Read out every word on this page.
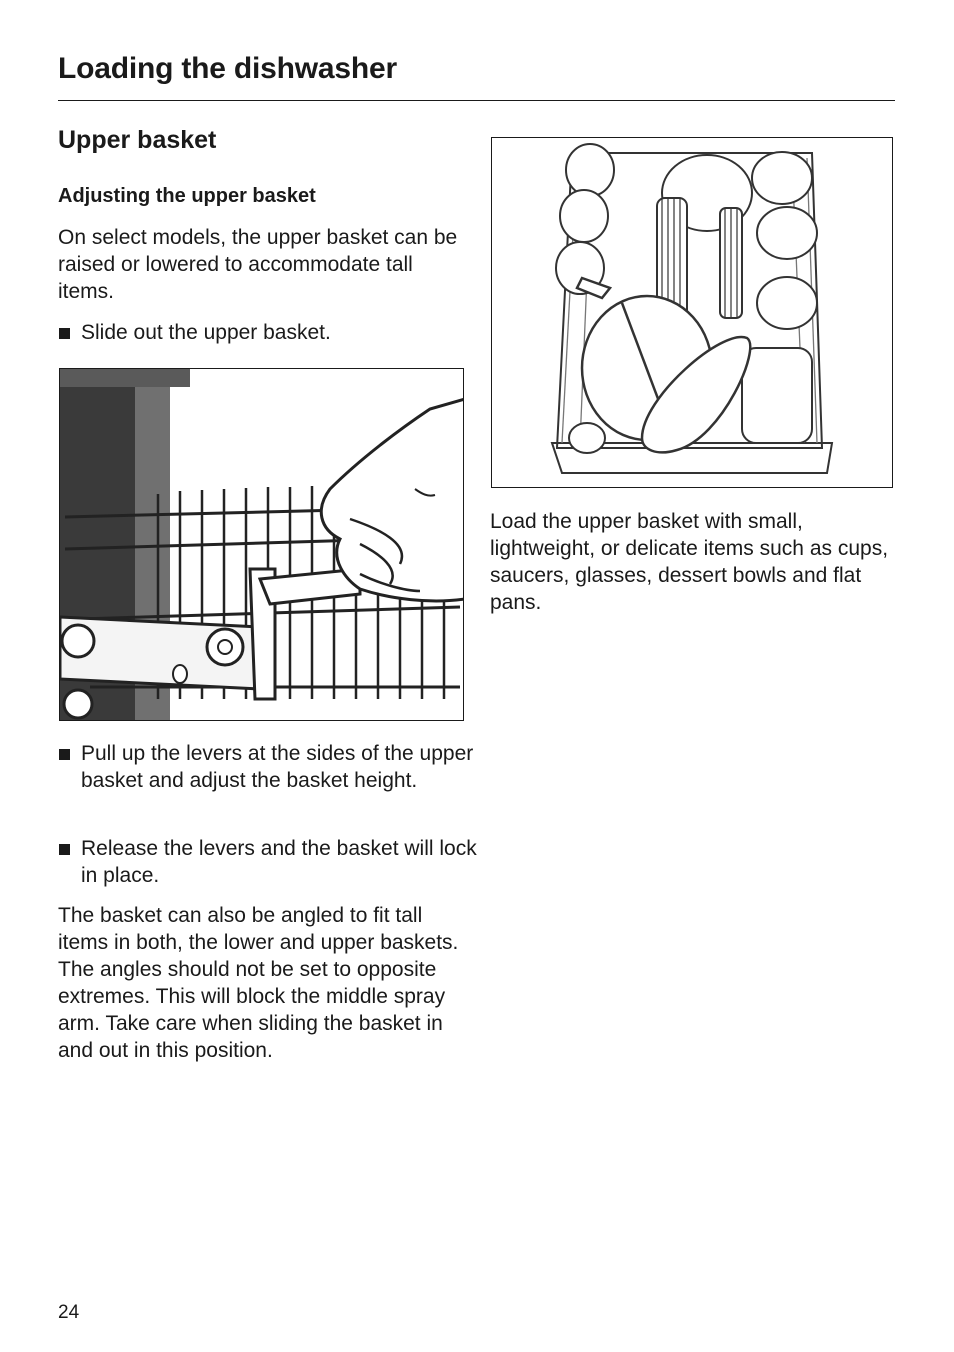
Loading the dishwasher
Upper basket
Adjusting the upper basket

On select models, the upper basket can be raised or lowered to accommodate tall items.

Slide out the upper basket.
Pull up the levers at the sides of the upper basket and adjust the basket height.
Release the levers and the basket will lock in place.

The basket can also be angled to fit tall items in both, the lower and upper baskets. The angles should not be set to opposite extremes. This will block the middle spray arm. Take care when sliding the basket in and out in this position.

Load the upper basket with small, lightweight, or delicate items such as cups, saucers, glasses, dessert bowls and flat pans.

24
